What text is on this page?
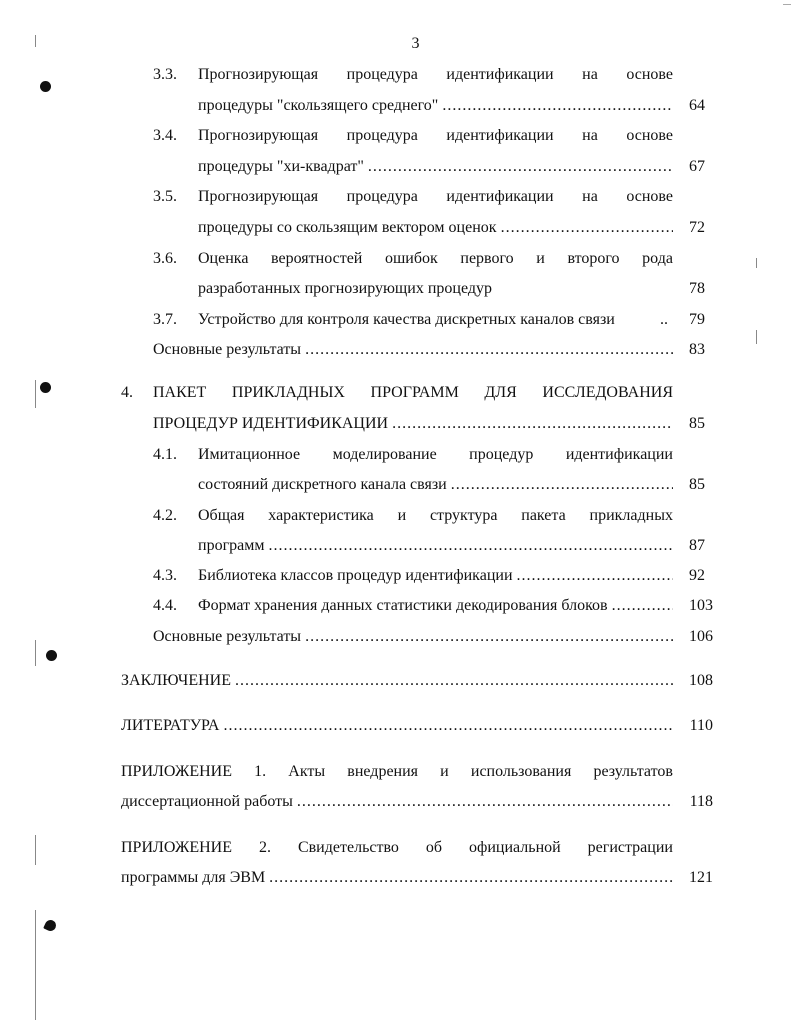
3
3.3. Прогнозирующая процедура идентификации на основе
процедуры "скользящего среднего" .....	64
3.4. Прогнозирующая процедура идентификации на основе
процедуры "хи-квадрат" .....	67
3.5. Прогнозирующая процедура идентификации на основе
процедуры со скользящим вектором оценок .....	72
3.6. Оценка вероятностей ошибок первого и второго рода
разработанных прогнозирующих процедур	78
3.7. Устройство для контроля качества дискретных каналов связи	..	79
Основные результаты .....	83
4. ПАКЕТ ПРИКЛАДНЫХ ПРОГРАММ ДЛЯ ИССЛЕДОВАНИЯ
ПРОЦЕДУР ИДЕНТИФИКАЦИИ .....	85
4.1. Имитационное моделирование процедур идентификации
состояний дискретного канала связи .....	85
4.2. Общая характеристика и структура пакета прикладных
программ .....	87
4.3. Библиотека классов процедур идентификации .....	92
4.4. Формат хранения данных статистики декодирования блоков .....	103
Основные результаты .....	106
ЗАКЛЮЧЕНИЕ .....	108
ЛИТЕРАТУРА .....	110
ПРИЛОЖЕНИЕ 1. Акты внедрения и использования результатов
диссертационной работы .....	118
ПРИЛОЖЕНИЕ 2. Свидетельство об официальной регистрации
программы для ЭВМ .....	121
